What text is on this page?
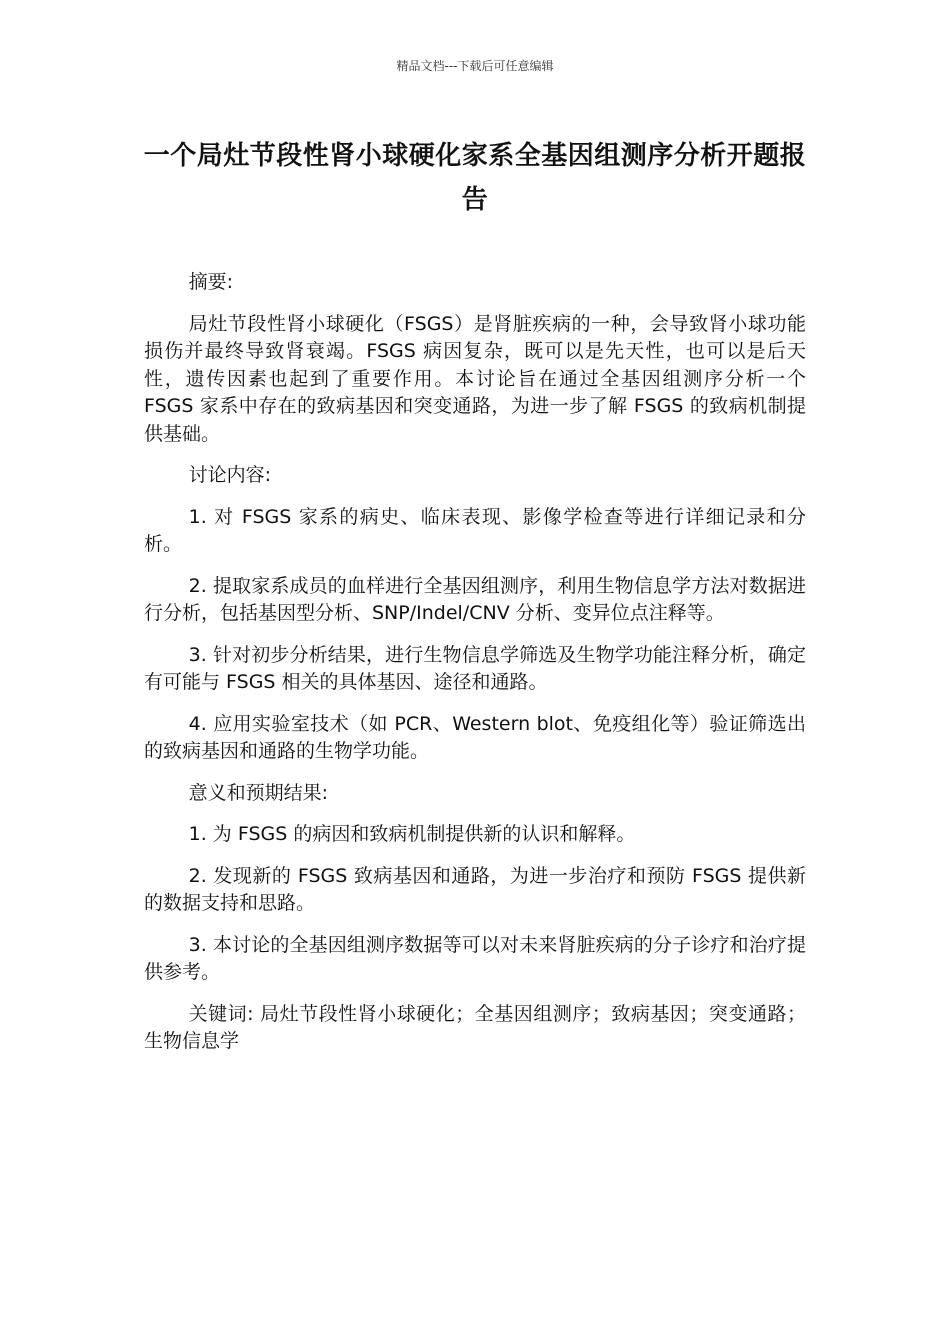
精品文档---下载后可任意编辑
一个局灶节段性肾小球硬化家系全基因组测序分析开题报告

摘要:

局灶节段性肾小球硬化（FSGS）是肾脏疾病的一种，会导致肾小球功能损伤并最终导致肾衰竭。FSGS 病因复杂，既可以是先天性，也可以是后天性，遗传因素也起到了重要作用。本讨论旨在通过全基因组测序分析一个 FSGS 家系中存在的致病基因和突变通路，为进一步了解 FSGS 的致病机制提供基础。

讨论内容:

1. 对 FSGS 家系的病史、临床表现、影像学检查等进行详细记录和分析。

2. 提取家系成员的血样进行全基因组测序，利用生物信息学方法对数据进行分析，包括基因型分析、SNP/Indel/CNV 分析、变异位点注释等。

3. 针对初步分析结果，进行生物信息学筛选及生物学功能注释分析，确定有可能与 FSGS 相关的具体基因、途径和通路。

4. 应用实验室技术（如 PCR、Western blot、免疫组化等）验证筛选出的致病基因和通路的生物学功能。

意义和预期结果:

1. 为 FSGS 的病因和致病机制提供新的认识和解释。

2. 发现新的 FSGS 致病基因和通路，为进一步治疗和预防 FSGS 提供新的数据支持和思路。

3. 本讨论的全基因组测序数据等可以对未来肾脏疾病的分子诊疗和治疗提供参考。

关键词: 局灶节段性肾小球硬化；全基因组测序；致病基因；突变通路；生物信息学
